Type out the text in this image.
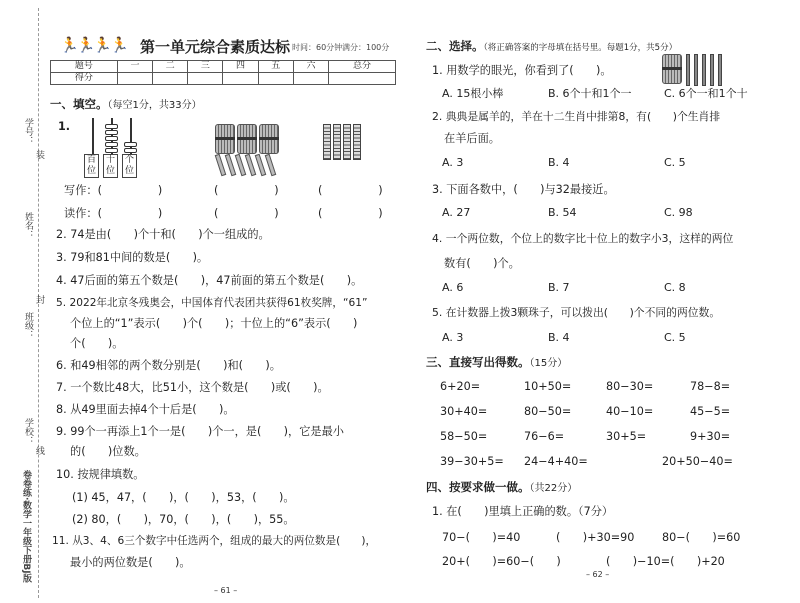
学号：
姓名：
班级：
学校：
装
封
线
卷卷练·数学一年级下册BJ版
🏃🏃🏃🏃 第一单元综合素质达标 时间：60分钟 满分：100分
题号	一	二	三	四	五	六	总分
得分							
一、填空。（每空1分，共33分）
1.
百位
十位
个位
写作：(　　　　　)	(　　　　　)	(　　　　　)
读作：(　　　　　)	(　　　　　)	(　　　　　)
2. 74是由(　　)个十和(　　)个一组成的。
3. 79和81中间的数是(　　)。
4. 47后面的第五个数是(　　)，47前面的第五个数是(　　)。
5. 2022年北京冬残奥会，中国体育代表团共获得61枚奖牌，“61”
个位上的“1”表示(　　)个(　　)；十位上的“6”表示(　　)
个(　　)。
6. 和49相邻的两个数分别是(　　)和(　　)。
7. 一个数比48大，比51小，这个数是(　　)或(　　)。
8. 从49里面去掉4个十后是(　　)。
9. 99个一再添上1个一是(　　)个一，是(　　)，它是最小
的(　　)位数。
10. 按规律填数。
(1) 45，47，(　　)，(　　)，53，(　　)。
(2) 80，(　　)，70，(　　)，(　　)，55。
11. 从3、4、6三个数字中任选两个，组成的最大的两位数是(　　)，
最小的两位数是(　　)。
– 61 –
二、选择。（将正确答案的字母填在括号里。每题1分，共5分）
1. 用数学的眼光，你看到了(　　)。
A. 15根小棒	B. 6个十和1个一	C. 6个一和1个十
2. 典典是属羊的，羊在十二生肖中排第8，有(　　)个生肖排
在羊后面。
A. 3	B. 4	C. 5
3. 下面各数中，(　　)与32最接近。
A. 27	B. 54	C. 98
4. 一个两位数，个位上的数字比十位上的数字小3，这样的两位
数有(　　)个。
A. 6	B. 7	C. 8
5. 在计数器上拨3颗珠子，可以拨出(　　)个不同的两位数。
A. 3	B. 4	C. 5
三、直接写出得数。（15分）
6+20=	10+50=	80−30=	78−8=
30+40=	80−50=	40−10=	45−5=
58−50=	76−6=	30+5=	9+30=
39−30+5= 24−4+40=	20+50−40=
四、按要求做一做。（共22分）
1. 在(　　)里填上正确的数。（7分）
70−(　　)=40	(　　)+30=90 80−(　　)=60
20+(　　)=60−(　　)	(　　)−10=(　　)+20
– 62 –
